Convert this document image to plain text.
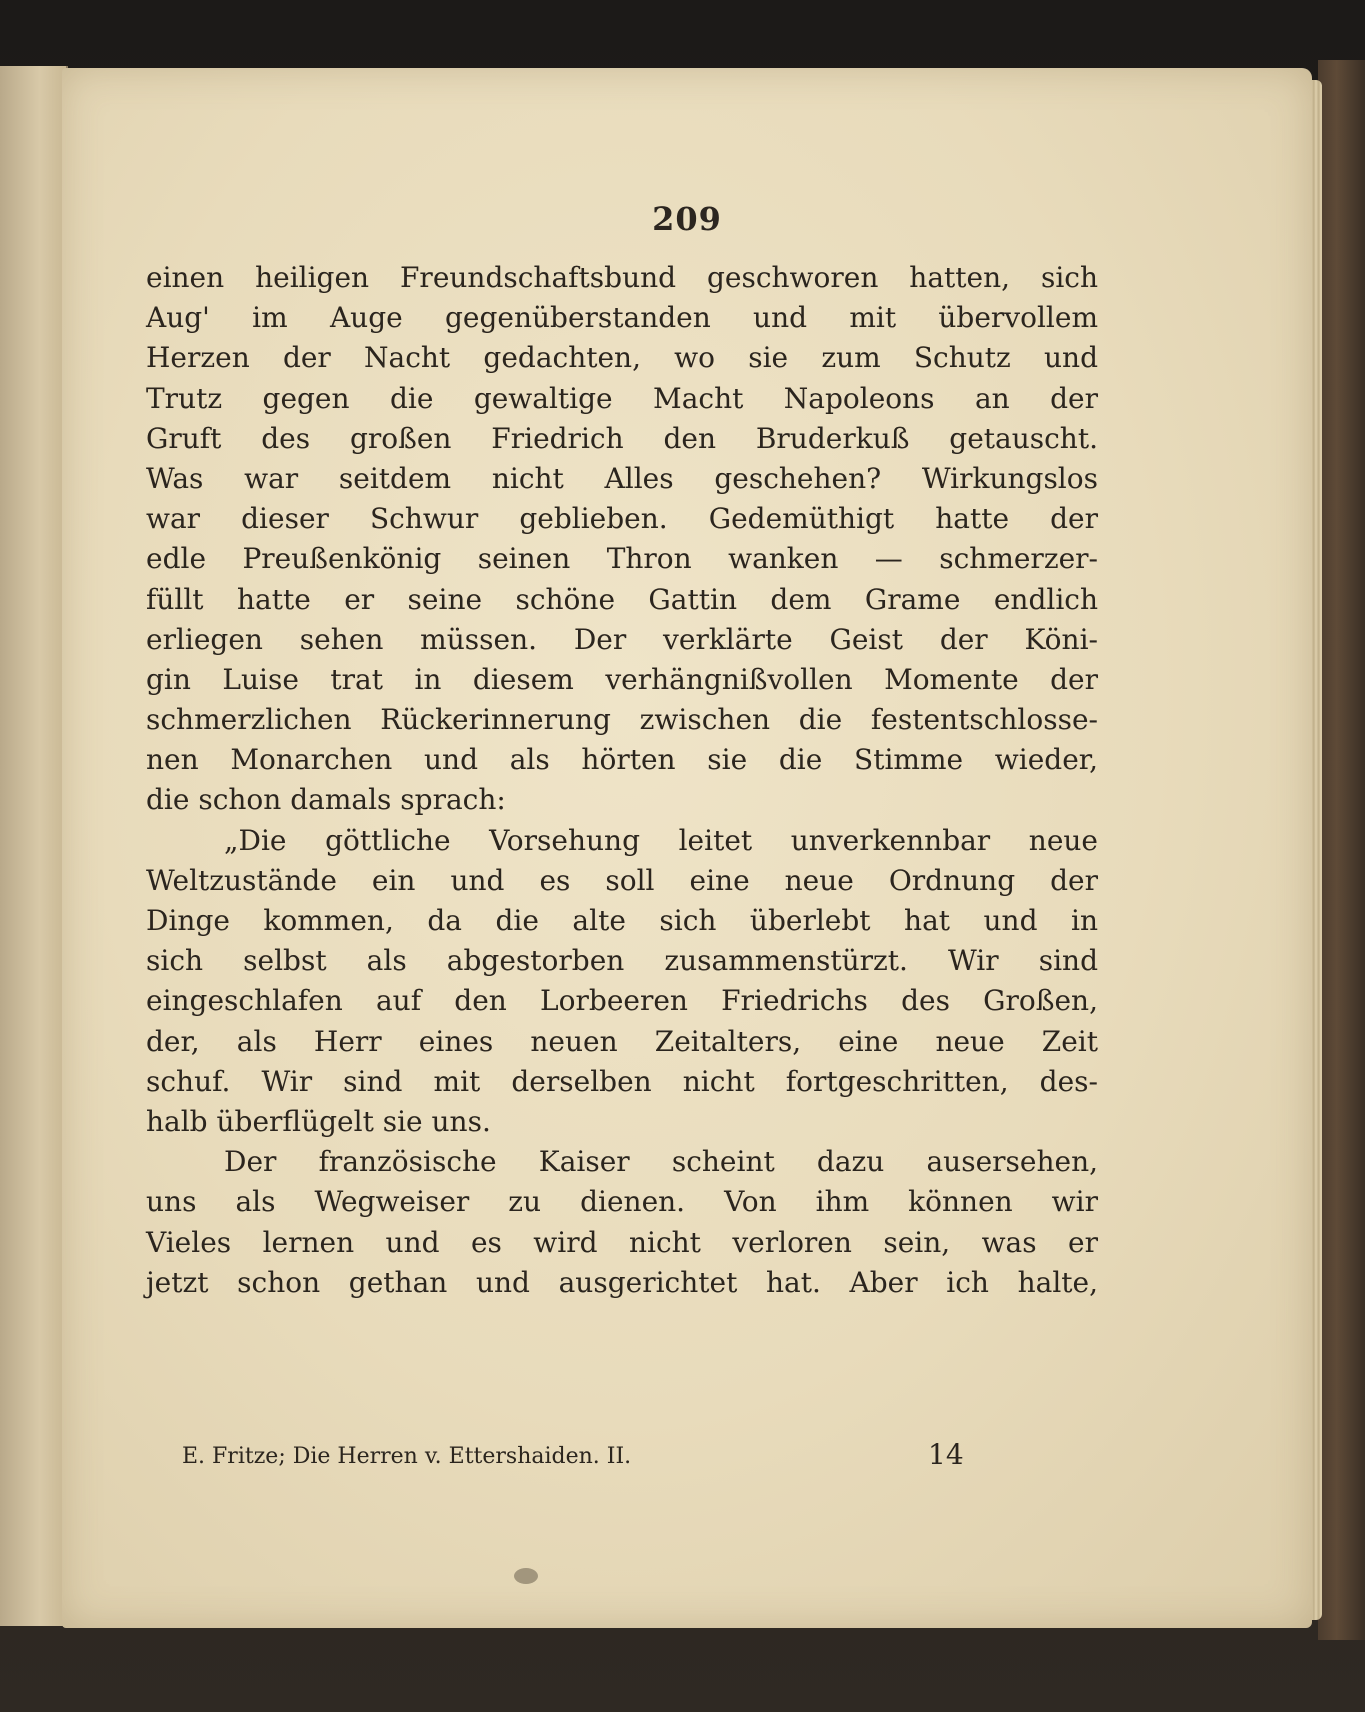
209
einen heiligen Freundschaftsbund geschworen hatten, sich
Aug' im Auge gegenüberstanden und mit übervollem
Herzen der Nacht gedachten, wo sie zum Schutz und
Trutz gegen die gewaltige Macht Napoleons an der
Gruft des großen Friedrich den Bruderkuß getauscht.
Was war seitdem nicht Alles geschehen? Wirkungslos
war dieser Schwur geblieben. Gedemüthigt hatte der
edle Preußenkönig seinen Thron wanken — schmerzer-
füllt hatte er seine schöne Gattin dem Grame endlich
erliegen sehen müssen. Der verklärte Geist der Köni-
gin Luise trat in diesem verhängnißvollen Momente der
schmerzlichen Rückerinnerung zwischen die festentschlosse-
nen Monarchen und als hörten sie die Stimme wieder,
die schon damals sprach:
„Die göttliche Vorsehung leitet unverkennbar neue
Weltzustände ein und es soll eine neue Ordnung der
Dinge kommen, da die alte sich überlebt hat und in
sich selbst als abgestorben zusammenstürzt. Wir sind
eingeschlafen auf den Lorbeeren Friedrichs des Großen,
der, als Herr eines neuen Zeitalters, eine neue Zeit
schuf. Wir sind mit derselben nicht fortgeschritten, des-
halb überflügelt sie uns.
Der französische Kaiser scheint dazu ausersehen,
uns als Wegweiser zu dienen. Von ihm können wir
Vieles lernen und es wird nicht verloren sein, was er
jetzt schon gethan und ausgerichtet hat. Aber ich halte,
E. Fritze; Die Herren v. Ettershaiden. II.	14
